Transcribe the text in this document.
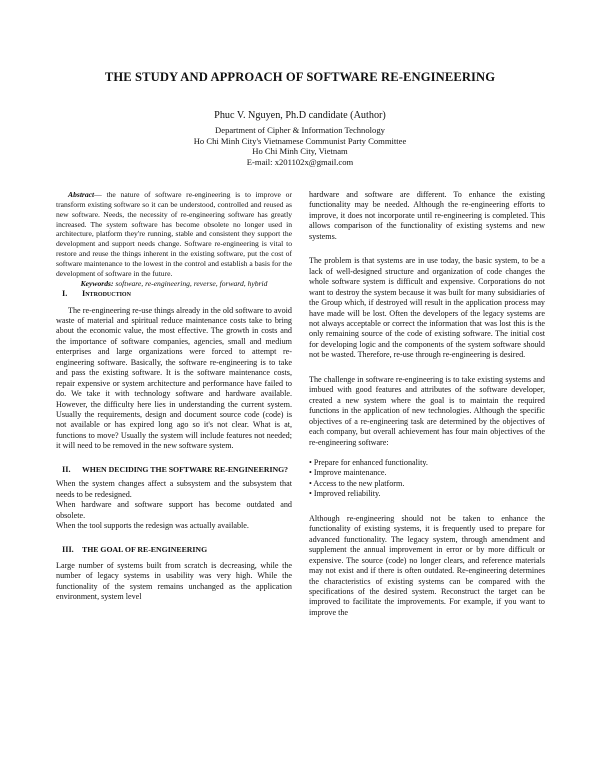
THE STUDY AND APPROACH OF SOFTWARE RE-ENGINEERING
Phuc V. Nguyen, Ph.D candidate (Author)
Department of Cipher & Information Technology
Ho Chi Minh City's Vietnamese Communist Party Committee
Ho Chi Minh City, Vietnam
E-mail: x201102x@gmail.com

Abstract— the nature of software re-engineering is to improve or transform existing software so it can be understood, controlled and reused as new software. Needs, the necessity of re-engineering software has greatly increased. The system software has become obsolete no longer used in architecture, platform they're running, stable and consistent they support the development and support needs change. Software re-engineering is vital to restore and reuse the things inherent in the existing software, put the cost of software maintenance to the lowest in the control and establish a basis for the development of software in the future.

Keywords: software, re-engineering, reverse, forward, hybrid

I. Introduction

The re-engineering re-use things already in the old software to avoid waste of material and spiritual reduce maintenance costs take to bring about the economic value, the most effective. The growth in costs and the importance of software companies, agencies, small and medium enterprises and large organizations were forced to attempt re-engineering software. Basically, the software re-engineering is to take and pass the existing software. It is the software maintenance costs, repair expensive or system architecture and performance have failed to do. We take it with technology software and hardware available. However, the difficulty here lies in understanding the current system. Usually the requirements, design and document source code (code) is not available or has expired long ago so it's not clear. What is at, functions to move? Usually the system will include features not needed; it will need to be removed in the new software system.

II. WHEN DECIDING THE SOFTWARE RE-ENGINEERING?

When the system changes affect a subsystem and the subsystem that needs to be redesigned.

When hardware and software support has become outdated and obsolete.

When the tool supports the redesign was actually available.

III. THE GOAL OF RE-ENGINEERING

Large number of systems built from scratch is decreasing, while the number of legacy systems in usability was very high. While the functionality of the system remains unchanged as the application environment, system level

hardware and software are different. To enhance the existing functionality may be needed. Although the re-engineering efforts to improve, it does not incorporate until re-engineering is completed. This allows comparison of the functionality of existing systems and new systems.

The problem is that systems are in use today, the basic system, to be a lack of well-designed structure and organization of code changes the whole software system is difficult and expensive. Corporations do not want to destroy the system because it was built for many subsidiaries of the Group which, if destroyed will result in the application process may have made will be lost. Often the developers of the legacy systems are not always acceptable or correct the information that was lost this is the only remaining source of the code of existing software. The initial cost for developing logic and the components of the system software should not be wasted. Therefore, re-use through re-engineering is desired.

The challenge in software re-engineering is to take existing systems and imbued with good features and attributes of the software developer, created a new system where the goal is to maintain the required functions in the application of new technologies. Although the specific objectives of a re-engineering task are determined by the objectives of each company, but overall achievement has four main objectives of the re-engineering software:

• Prepare for enhanced functionality.

• Improve maintenance.

• Access to the new platform.

• Improved reliability.

Although re-engineering should not be taken to enhance the functionality of existing systems, it is frequently used to prepare for advanced functionality. The legacy system, through amendment and supplement the annual improvement in error or by more difficult or expensive. The source (code) no longer clears, and reference materials may not exist and if there is often outdated. Re-engineering determines the characteristics of existing systems can be compared with the specifications of the desired system. Reconstruct the target can be improved to facilitate the improvements. For example, if you want to improve the
